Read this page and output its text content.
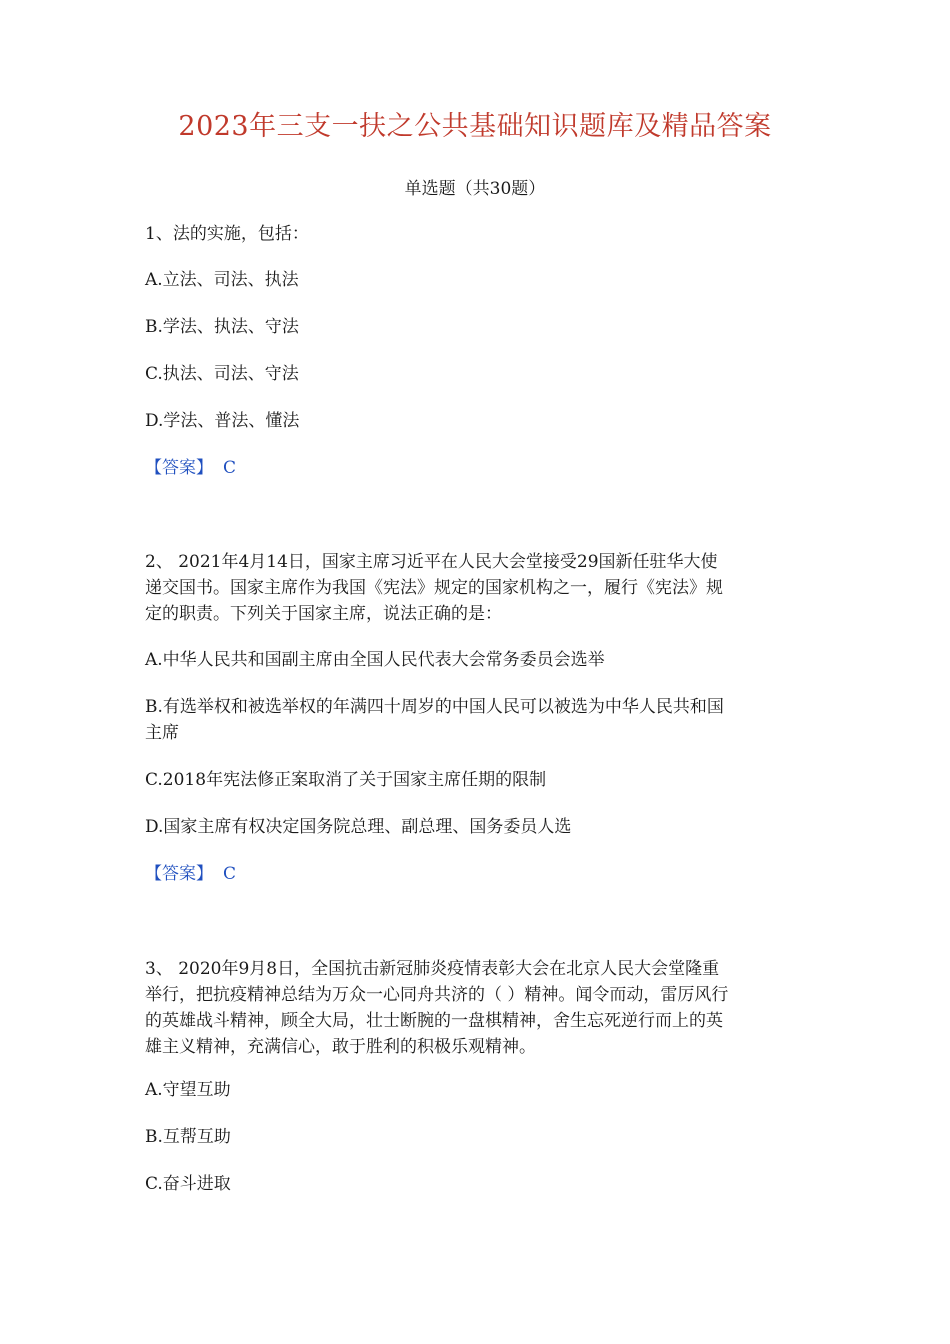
2023年三支一扶之公共基础知识题库及精品答案
单选题（共30题）

1、法的实施，包括：

A.立法、司法、执法

B.学法、执法、守法

C.执法、司法、守法

D.学法、普法、懂法

【答案】 C

2、 2021年4月14日，国家主席习近平在人民大会堂接受29国新任驻华大使

递交国书。国家主席作为我国《宪法》规定的国家机构之一，履行《宪法》规

定的职责。下列关于国家主席，说法正确的是：

A.中华人民共和国副主席由全国人民代表大会常务委员会选举

B.有选举权和被选举权的年满四十周岁的中国人民可以被选为中华人民共和国

主席

C.2018年宪法修正案取消了关于国家主席任期的限制

D.国家主席有权决定国务院总理、副总理、国务委员人选

【答案】 C

3、 2020年9月8日，全国抗击新冠肺炎疫情表彰大会在北京人民大会堂隆重

举行，把抗疫精神总结为万众一心同舟共济的（ ）精神。闻令而动，雷厉风行

的英雄战斗精神，顾全大局，壮士断腕的一盘棋精神，舍生忘死逆行而上的英

雄主义精神，充满信心，敢于胜利的积极乐观精神。

A.守望互助

B.互帮互助

C.奋斗进取
